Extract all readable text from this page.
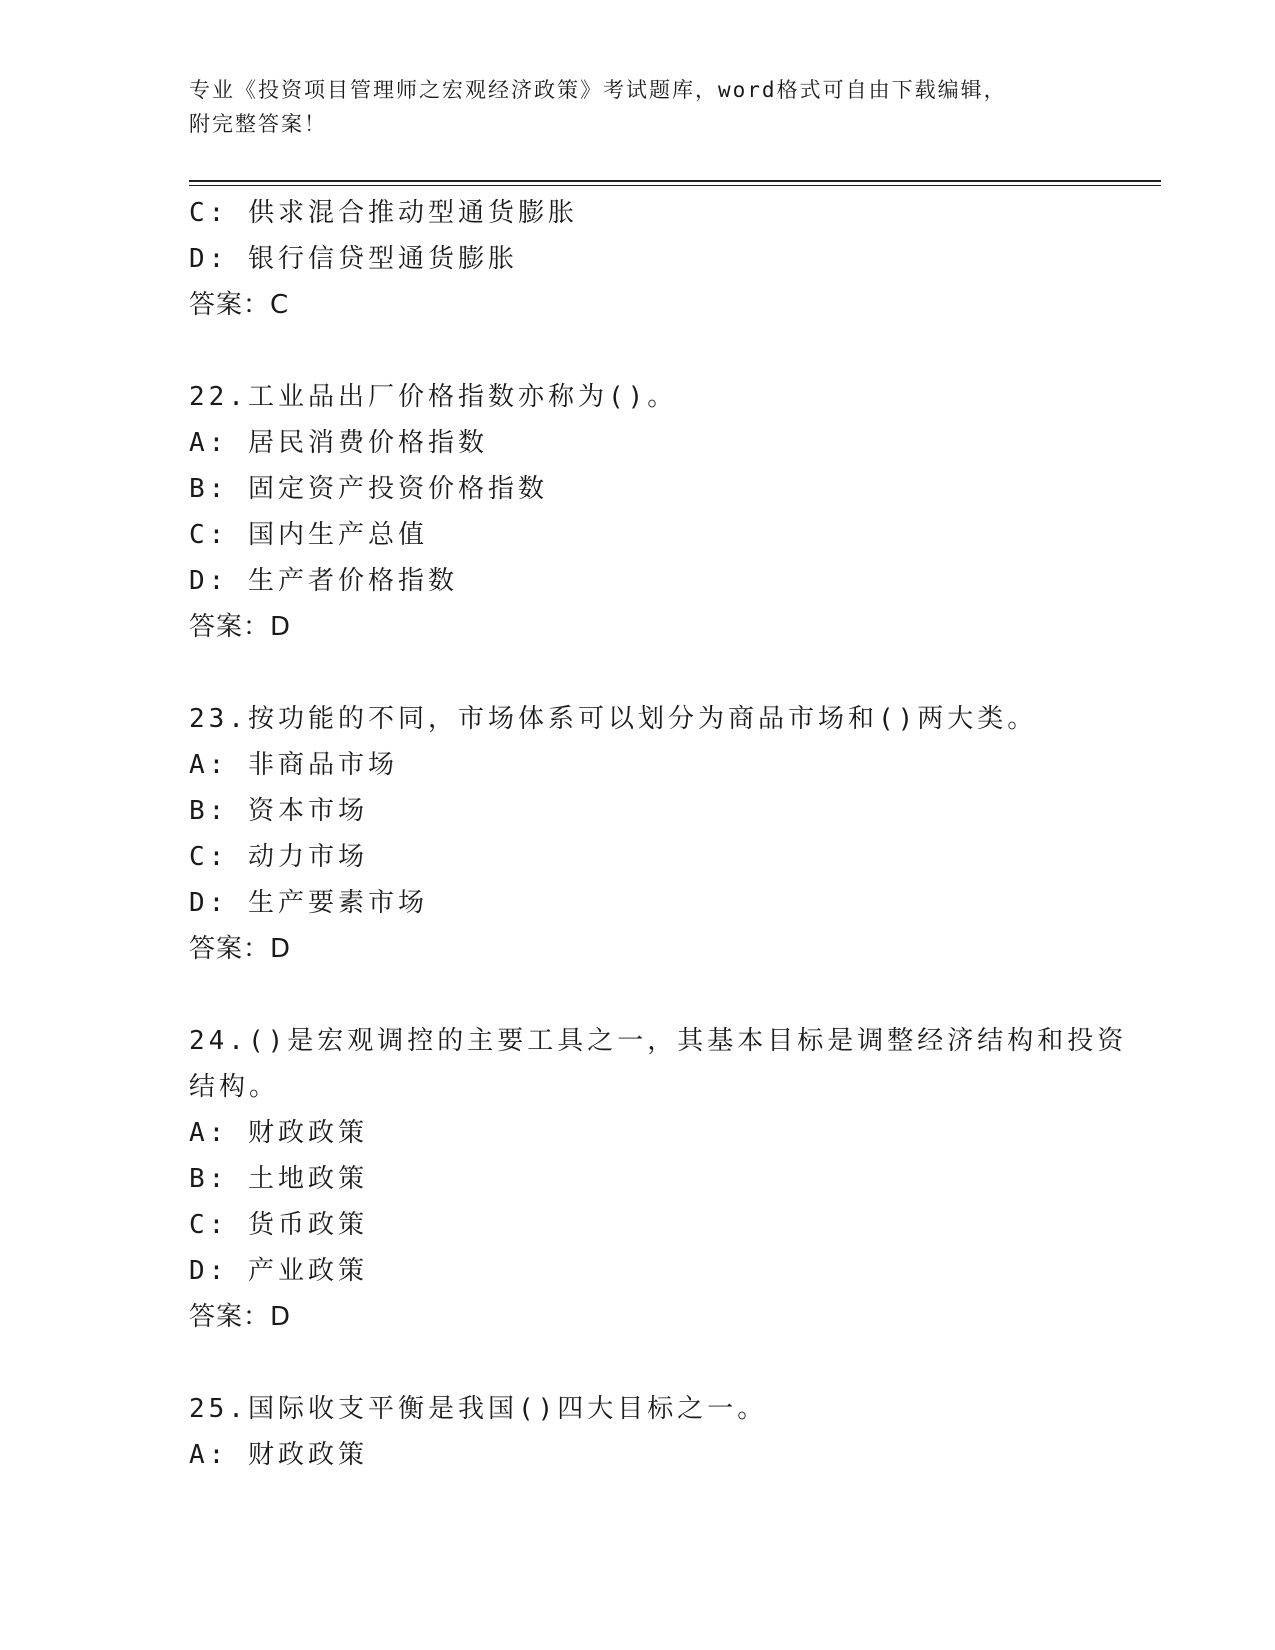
专业《投资项目管理师之宏观经济政策》考试题库，word格式可自由下载编辑，
附完整答案！
C: 供求混合推动型通货膨胀
D: 银行信贷型通货膨胀
答案：C
22.工业品出厂价格指数亦称为()。
A: 居民消费价格指数
B: 固定资产投资价格指数
C: 国内生产总值
D: 生产者价格指数
答案：D
23.按功能的不同，市场体系可以划分为商品市场和()两大类。
A: 非商品市场
B: 资本市场
C: 动力市场
D: 生产要素市场
答案：D
24.()是宏观调控的主要工具之一，其基本目标是调整经济结构和投资
结构。
A: 财政政策
B: 土地政策
C: 货币政策
D: 产业政策
答案：D
25.国际收支平衡是我国()四大目标之一。
A: 财政政策
